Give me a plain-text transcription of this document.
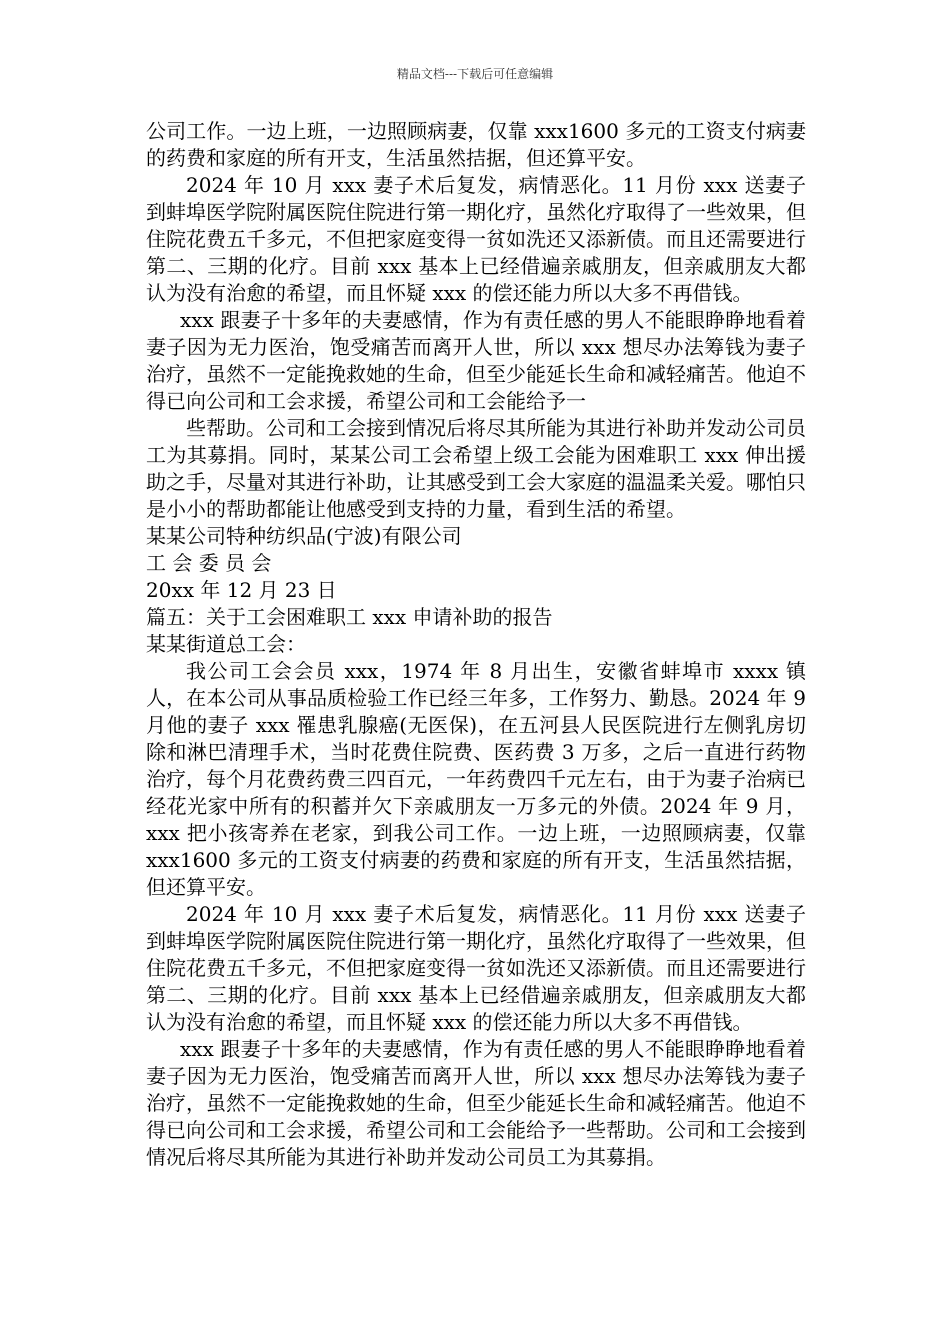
精品文档---下载后可任意编辑

公司工作。一边上班，一边照顾病妻，仅靠 xxx1600 多元的工资支付病妻的药费和家庭的所有开支，生活虽然拮据，但还算平安。

2024 年 10 月 xxx 妻子术后复发，病情恶化。11 月份 xxx 送妻子到蚌埠医学院附属医院住院进行第一期化疗，虽然化疗取得了一些效果，但住院花费五千多元，不但把家庭变得一贫如洗还又添新债。而且还需要进行第二、三期的化疗。目前 xxx 基本上已经借遍亲戚朋友，但亲戚朋友大都认为没有治愈的希望，而且怀疑 xxx 的偿还能力所以大多不再借钱。

xxx 跟妻子十多年的夫妻感情，作为有责任感的男人不能眼睁睁地看着妻子因为无力医治，饱受痛苦而离开人世，所以 xxx 想尽办法筹钱为妻子治疗，虽然不一定能挽救她的生命，但至少能延长生命和减轻痛苦。他迫不得已向公司和工会求援，希望公司和工会能给予一

些帮助。公司和工会接到情况后将尽其所能为其进行补助并发动公司员工为其募捐。同时，某某公司工会希望上级工会能为困难职工 xxx 伸出援助之手，尽量对其进行补助，让其感受到工会大家庭的温温柔关爱。哪怕只是小小的帮助都能让他感受到支持的力量，看到生活的希望。

某某公司特种纺织品(宁波)有限公司

工 会 委 员 会

20xx 年 12 月 23 日

篇五：关于工会困难职工 xxx 申请补助的报告

某某街道总工会：

我公司工会会员 xxx，1974 年 8 月出生，安徽省蚌埠市 xxxx 镇人，在本公司从事品质检验工作已经三年多，工作努力、勤恳。2024 年 9 月他的妻子 xxx 罹患乳腺癌(无医保)，在五河县人民医院进行左侧乳房切除和淋巴清理手术，当时花费住院费、医药费 3 万多，之后一直进行药物治疗，每个月花费药费三四百元，一年药费四千元左右，由于为妻子治病已经花光家中所有的积蓄并欠下亲戚朋友一万多元的外债。2024 年 9 月，xxx 把小孩寄养在老家，到我公司工作。一边上班，一边照顾病妻，仅靠 xxx1600 多元的工资支付病妻的药费和家庭的所有开支，生活虽然拮据，但还算平安。

2024 年 10 月 xxx 妻子术后复发，病情恶化。11 月份 xxx 送妻子到蚌埠医学院附属医院住院进行第一期化疗，虽然化疗取得了一些效果，但住院花费五千多元，不但把家庭变得一贫如洗还又添新债。而且还需要进行第二、三期的化疗。目前 xxx 基本上已经借遍亲戚朋友，但亲戚朋友大都认为没有治愈的希望，而且怀疑 xxx 的偿还能力所以大多不再借钱。

xxx 跟妻子十多年的夫妻感情，作为有责任感的男人不能眼睁睁地看着妻子因为无力医治，饱受痛苦而离开人世，所以 xxx 想尽办法筹钱为妻子治疗，虽然不一定能挽救她的生命，但至少能延长生命和减轻痛苦。他迫不得已向公司和工会求援，希望公司和工会能给予一些帮助。公司和工会接到情况后将尽其所能为其进行补助并发动公司员工为其募捐。
